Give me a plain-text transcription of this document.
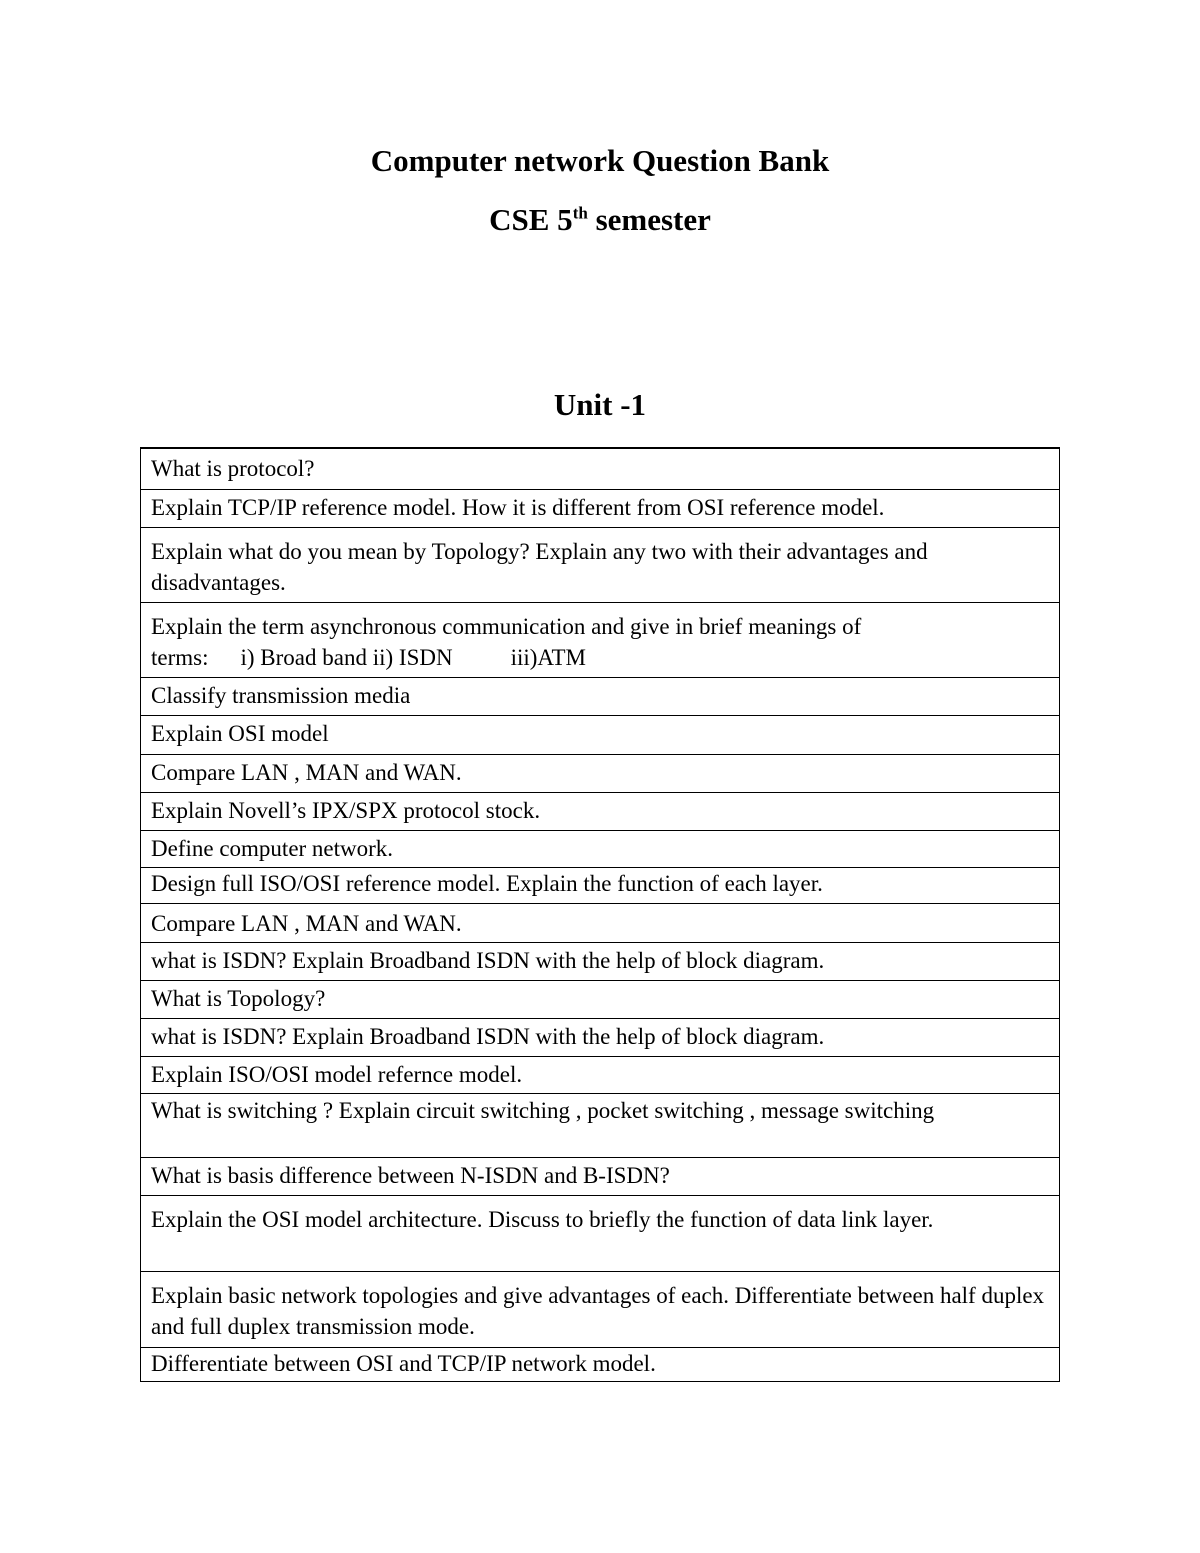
Computer network Question Bank
CSE 5th semester
Unit -1
What is protocol?
Explain TCP/IP reference model. How it is different from OSI reference model.
Explain what do you mean by Topology? Explain any two with their advantages and disadvantages.
Explain the term asynchronous communication and give in brief meanings of
terms: i) Broad band ii) ISDN	iii)ATM
Classify transmission media
Explain OSI model
Compare LAN , MAN and WAN.
Explain Novell’s IPX/SPX protocol stock.
Define computer network.
Design full ISO/OSI reference model. Explain the function of each layer.
Compare LAN , MAN and WAN.
what is ISDN? Explain Broadband ISDN with the help of block diagram.
What is Topology?
what is ISDN? Explain Broadband ISDN with the help of block diagram.
Explain ISO/OSI model refernce model.
What is switching ? Explain circuit switching , pocket switching , message switching
What is basis difference between N-ISDN and B-ISDN?
Explain the OSI model architecture. Discuss to briefly the function of data link layer.
Explain basic network topologies and give advantages of each. Differentiate between half duplex and full duplex transmission mode.
Differentiate between OSI and TCP/IP network model.
